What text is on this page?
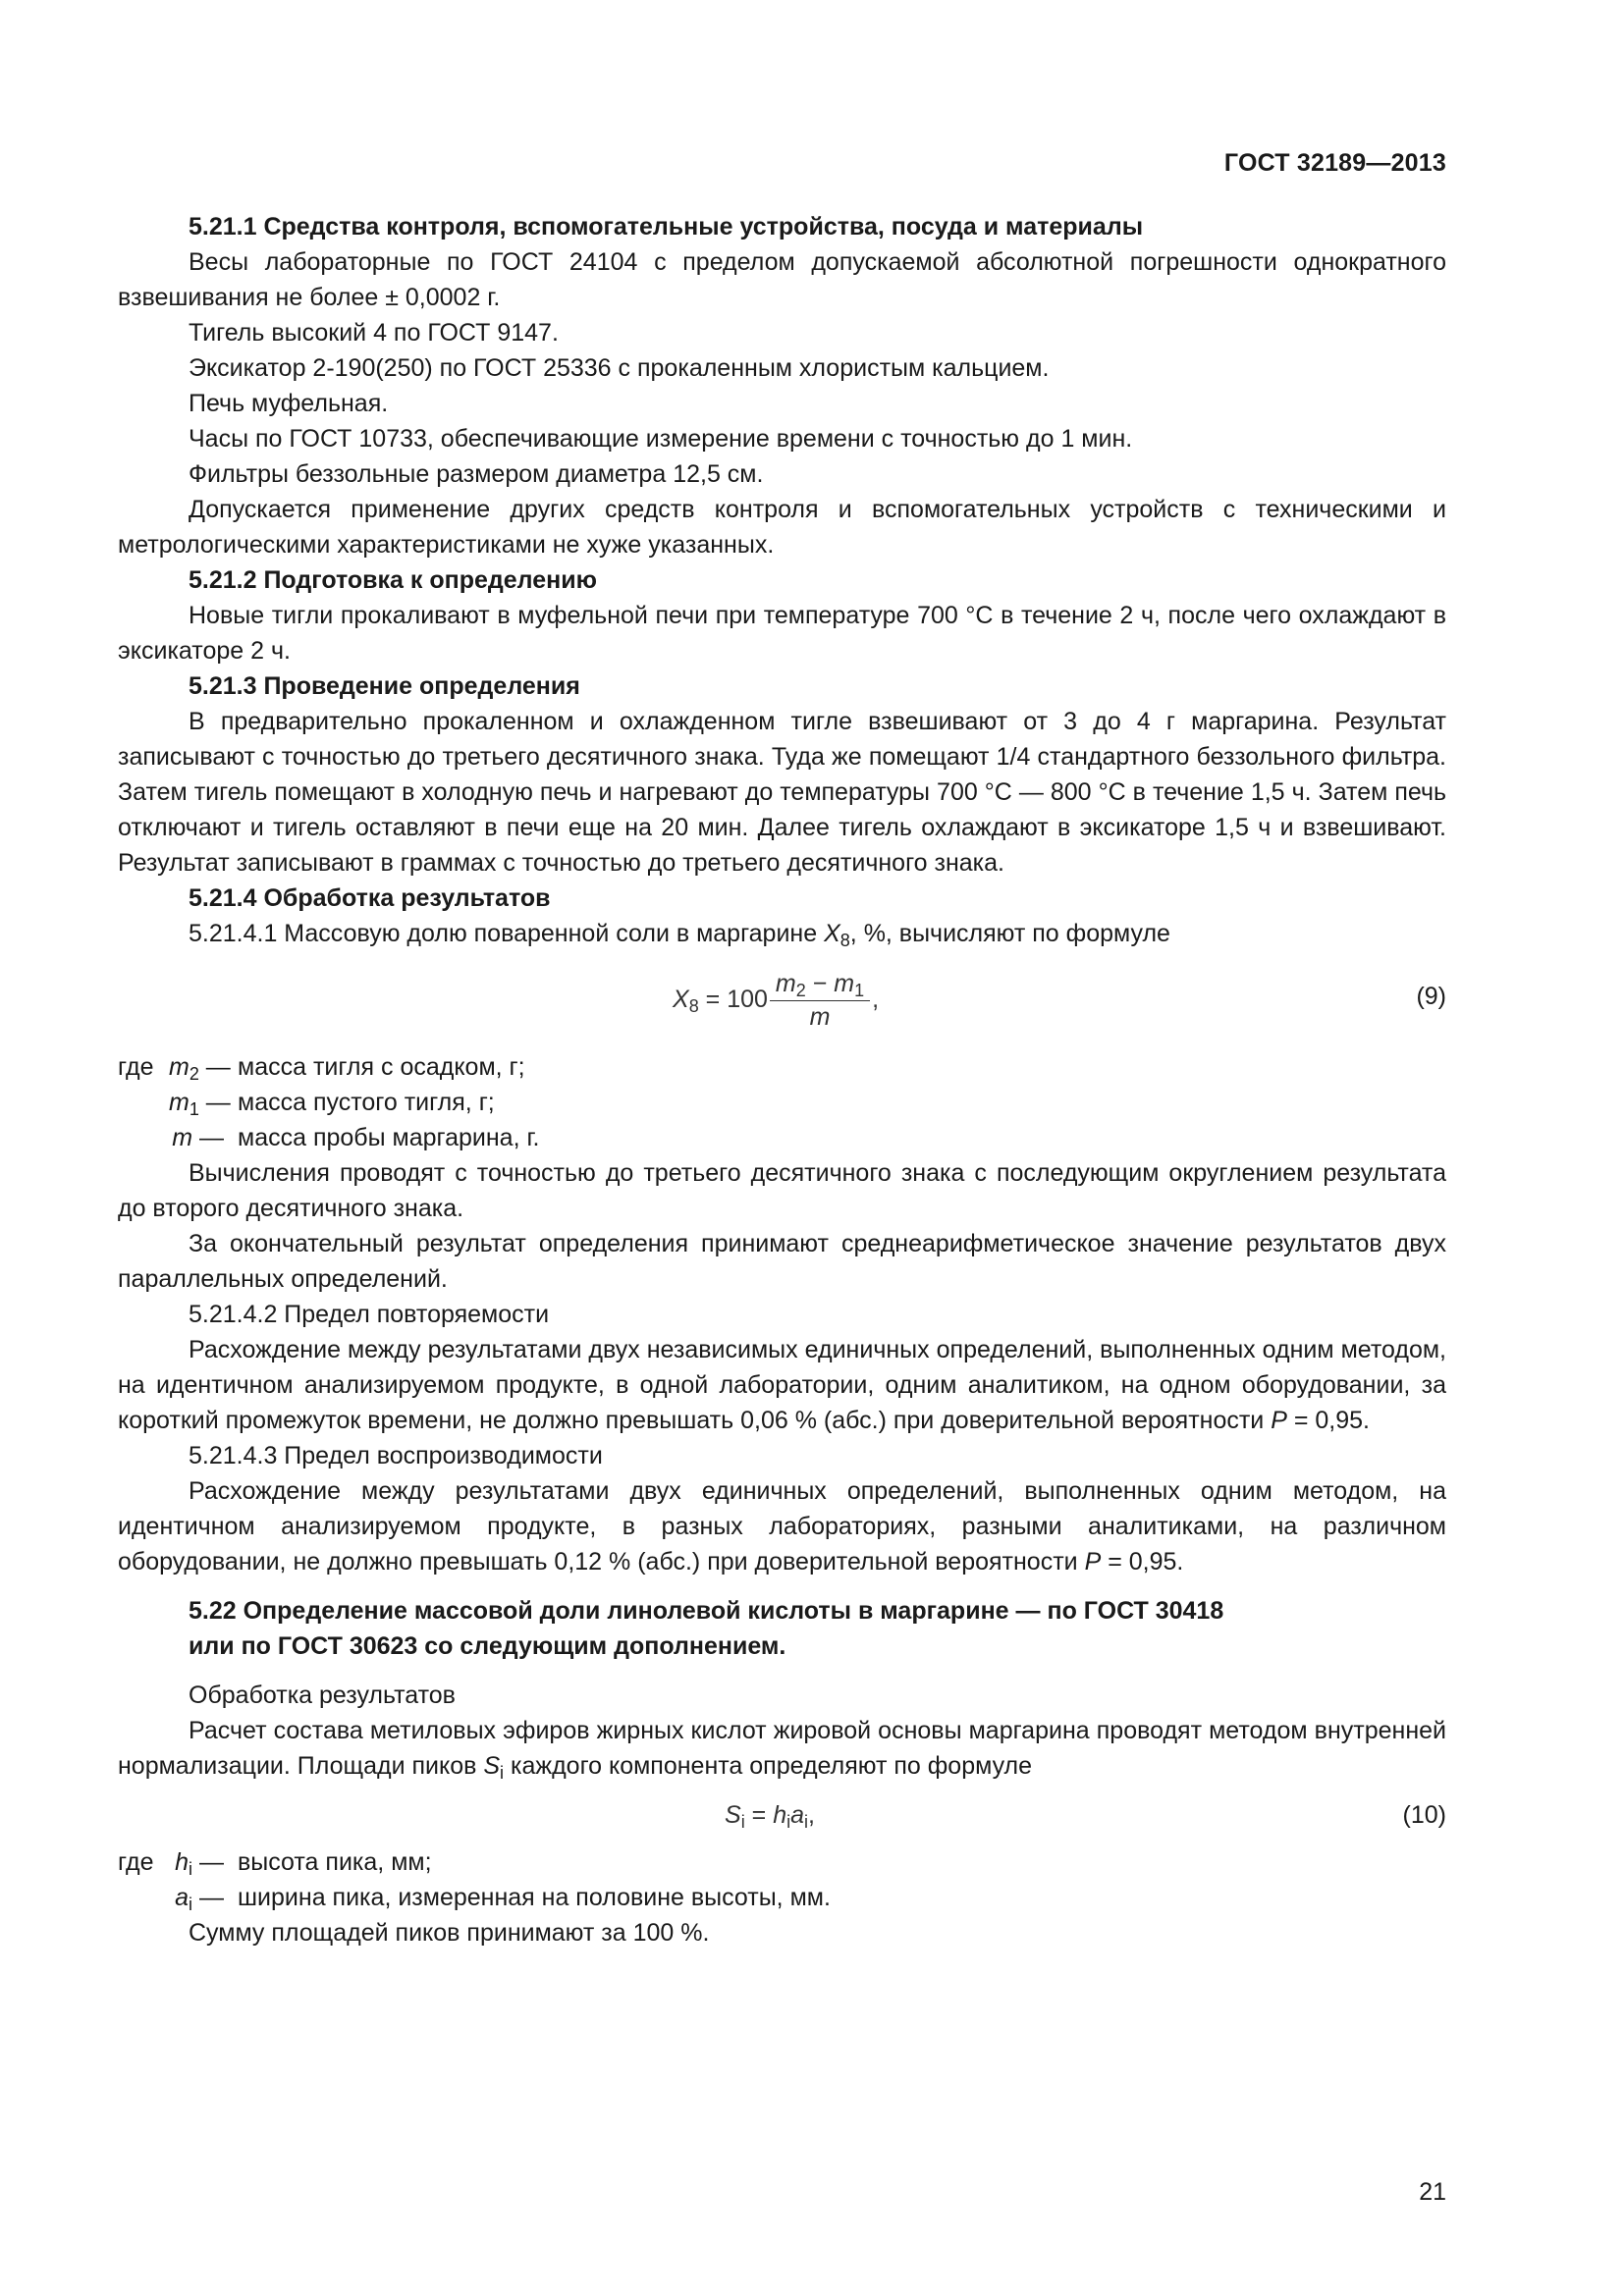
ГОСТ 32189—2013

5.21.1 Средства контроля, вспомогательные устройства, посуда и материалы

Весы лабораторные по ГОСТ 24104 с пределом допускаемой абсолютной погрешности однократного взвешивания не более ± 0,0002 г.

Тигель высокий 4 по ГОСТ 9147.

Эксикатор 2-190(250) по ГОСТ 25336 с прокаленным хлористым кальцием.

Печь муфельная.

Часы по ГОСТ 10733, обеспечивающие измерение времени с точностью до 1 мин.

Фильтры беззольные размером диаметра 12,5 см.

Допускается применение других средств контроля и вспомогательных устройств с техническими и метрологическими характеристиками не хуже указанных.

5.21.2 Подготовка к определению

Новые тигли прокаливают в муфельной печи при температуре 700 °С в течение 2 ч, после чего охлаждают в эксикаторе 2 ч.

5.21.3 Проведение определения

В предварительно прокаленном и охлажденном тигле взвешивают от 3 до 4 г маргарина. Результат записывают с точностью до третьего десятичного знака. Туда же помещают 1/4 стандартного беззольного фильтра. Затем тигель помещают в холодную печь и нагревают до температуры 700 °С — 800 °С в течение 1,5 ч. Затем печь отключают и тигель оставляют в печи еще на 20 мин. Далее тигель охлаждают в эксикаторе 1,5 ч и взвешивают. Результат записывают в граммах с точностью до третьего десятичного знака.

5.21.4 Обработка результатов

5.21.4.1 Массовую долю поваренной соли в маргарине $X_8$, %, вычисляют по формуле

$X_8 = 100 \frac{m_2 - m_1}{m}$ ,	(9)
где $m_2$ — масса тигля с осадком, г;
$m_1$ — масса пустого тигля, г;
m — масса пробы маргарина, г.

Вычисления проводят с точностью до третьего десятичного знака с последующим округлением результата до второго десятичного знака.

За окончательный результат определения принимают среднеарифметическое значение результатов двух параллельных определений.

5.21.4.2 Предел повторяемости

Расхождение между результатами двух независимых единичных определений, выполненных одним методом, на идентичном анализируемом продукте, в одной лаборатории, одним аналитиком, на одном оборудовании, за короткий промежуток времени, не должно превышать 0,06 % (абс.) при доверительной вероятности P = 0,95.

5.21.4.3 Предел воспроизводимости

Расхождение между результатами двух единичных определений, выполненных одним методом, на идентичном анализируемом продукте, в разных лабораториях, разными аналитиками, на различном оборудовании, не должно превышать 0,12 % (абс.) при доверительной вероятности P = 0,95.

5.22 Определение массовой доли линолевой кислоты в маргарине — по ГОСТ 30418
или по ГОСТ 30623 со следующим дополнением.

Обработка результатов

Расчет состава метиловых эфиров жирных кислот жировой основы маргарина проводят методом внутренней нормализации. Площади пиков $S_i$ каждого компонента определяют по формуле

$S_i = h_ia_i$,	(10)
где $h_i$ — высота пика, мм;
$a_i$ — ширина пика, измеренная на половине высоты, мм.

Сумму площадей пиков принимают за 100 %.

21
